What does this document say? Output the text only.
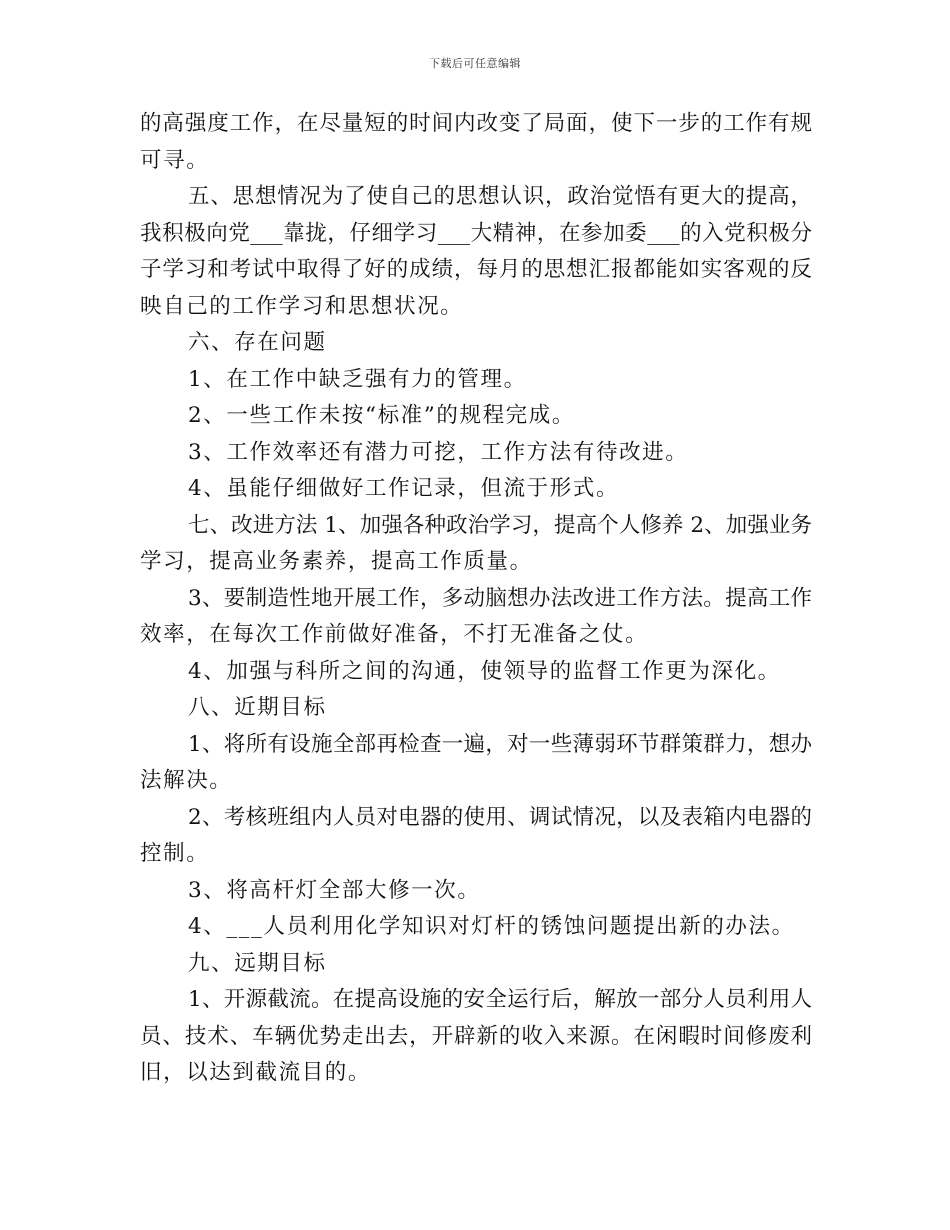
下载后可任意编辑
的高强度工作，在尽量短的时间内改变了局面，使下一步的工作有规
可寻。
五、思想情况为了使自己的思想认识，政治觉悟有更大的提高，
我积极向党___靠拢，仔细学习___大精神，在参加委___的入党积极分
子学习和考试中取得了好的成绩，每月的思想汇报都能如实客观的反
映自己的工作学习和思想状况。
六、存在问题
1、在工作中缺乏强有力的管理。
2、一些工作未按“标准”的规程完成。
3、工作效率还有潜力可挖，工作方法有待改进。
4、虽能仔细做好工作记录，但流于形式。
七、改进方法 1、加强各种政治学习，提高个人修养 2、加强业务
学习，提高业务素养，提高工作质量。
3、要制造性地开展工作，多动脑想办法改进工作方法。提高工作
效率，在每次工作前做好准备，不打无准备之仗。
4、加强与科所之间的沟通，使领导的监督工作更为深化。
八、近期目标
1、将所有设施全部再检查一遍，对一些薄弱环节群策群力，想办
法解决。
2、考核班组内人员对电器的使用、调试情况，以及表箱内电器的
控制。
3、将高杆灯全部大修一次。
4、___人员利用化学知识对灯杆的锈蚀问题提出新的办法。
九、远期目标
1、开源截流。在提高设施的安全运行后，解放一部分人员利用人
员、技术、车辆优势走出去，开辟新的收入来源。在闲暇时间修废利
旧，以达到截流目的。
